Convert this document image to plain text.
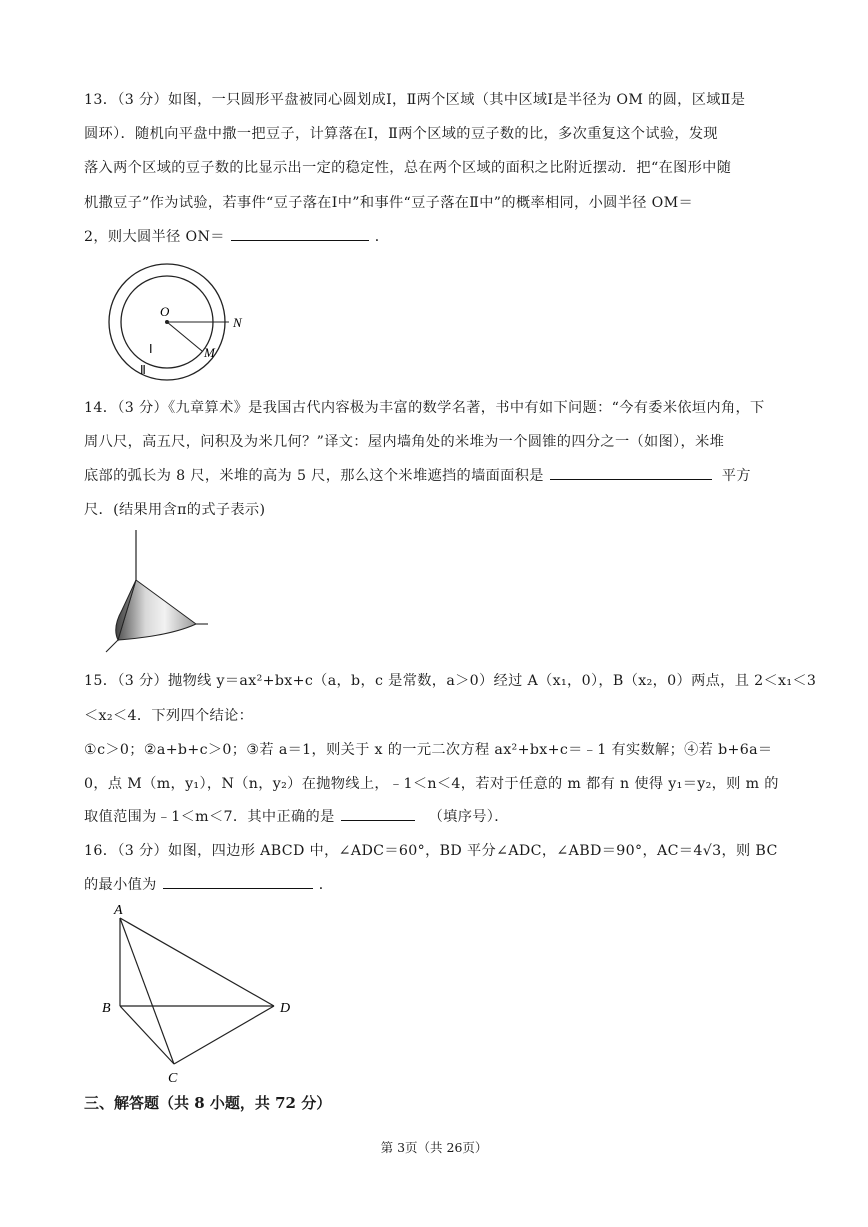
13．（3 分）如图，一只圆形平盘被同心圆划成Ⅰ，Ⅱ两个区域（其中区域Ⅰ是半径为 OM 的圆，区域Ⅱ是
圆环）．随机向平盘中撒一把豆子，计算落在Ⅰ，Ⅱ两个区域的豆子数的比，多次重复这个试验，发现
落入两个区域的豆子数的比显示出一定的稳定性，总在两个区域的面积之比附近摆动．把“在图形中随
机撒豆子”作为试验，若事件“豆子落在Ⅰ中”和事件“豆子落在Ⅱ中”的概率相同，小圆半径 OM＝
2，则大圆半径 ON＝	．
O
N
M
Ⅰ
Ⅱ
14．（3 分）《九章算术》是我国古代内容极为丰富的数学名著，书中有如下问题：“今有委米依垣内角，下
周八尺，高五尺，问积及为米几何？”译文：屋内墙角处的米堆为一个圆锥的四分之一（如图），米堆
底部的弧长为 8 尺，米堆的高为 5 尺，那么这个米堆遮挡的墙面面积是	平方
尺．(结果用含π的式子表示)
15．（3 分）抛物线 y＝ax²+bx+c（a，b，c 是常数，a＞0）经过 A（x₁，0），B（x₂，0）两点，且 2＜x₁＜3
＜x₂＜4．下列四个结论：
①c＞0；②a+b+c＞0；③若 a＝1，则关于 x 的一元二次方程 ax²+bx+c＝﹣1 有实数解；④若 b+6a＝
0，点 M（m，y₁），N（n，y₂）在抛物线上，﹣1＜n＜4，若对于任意的 m 都有 n 使得 y₁＝y₂，则 m 的
取值范围为﹣1＜m＜7．其中正确的是	（填序号）．
16．（3 分）如图，四边形 ABCD 中，∠ADC＝60°，BD 平分∠ADC，∠ABD＝90°，AC＝4√3，则 BC
的最小值为	．
A
B	D
C
三、解答题（共 8 小题，共 72 分）
第 3页（共 26页）
